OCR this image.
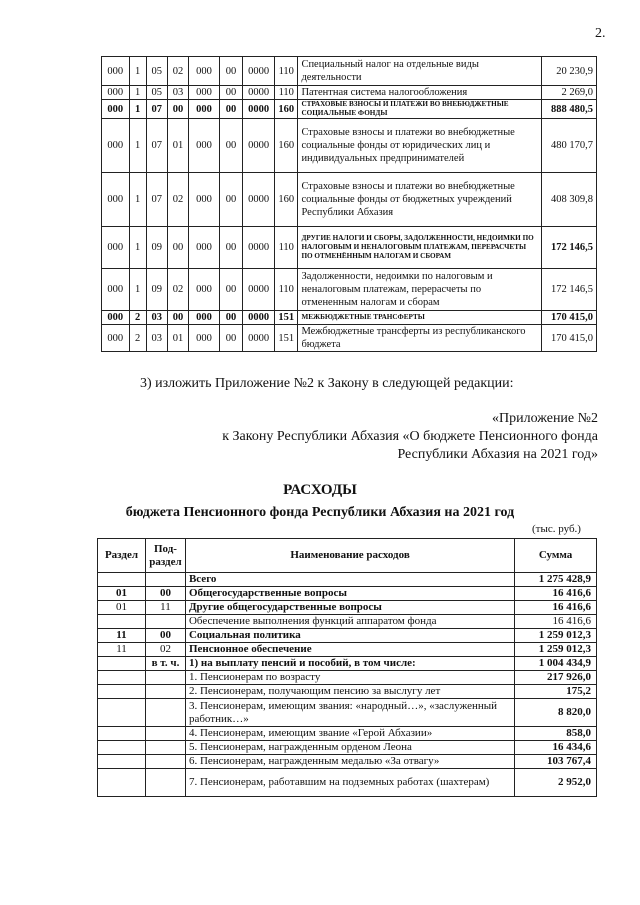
2.
000	1	05	02	000	00	0000	110	Специальный налог на отдельные виды деятельности	20 230,9
000	1	05	03	000	00	0000	110	Патентная система налогообложения	2 269,0
000	1	07	00	000	00	0000	160	СТРАХОВЫЕ ВЗНОСЫ И ПЛАТЕЖИ ВО ВНЕБЮДЖЕТНЫЕ СОЦИАЛЬНЫЕ ФОНДЫ	888 480,5
000	1	07	01	000	00	0000	160	Страховые взносы и платежи во внебюджетные социальные фонды от юридических лиц и индивидуальных предпринимателей	480 170,7
000	1	07	02	000	00	0000	160	Страховые взносы и платежи во внебюджетные социальные фонды от бюджетных учреждений Республики Абхазия	408 309,8
000	1	09	00	000	00	0000	110	ДРУГИЕ НАЛОГИ И СБОРЫ, ЗАДОЛЖЕННОСТИ, НЕДОИМКИ ПО НАЛОГОВЫМ И НЕНАЛОГОВЫМ ПЛАТЕЖАМ, ПЕРЕРАСЧЕТЫ ПО ОТМЕНЁННЫМ НАЛОГАМ И СБОРАМ	172 146,5
000	1	09	02	000	00	0000	110	Задолженности, недоимки по налоговым и неналоговым платежам, перерасчеты по отмененным налогам и сборам	172 146,5
000	2	03	00	000	00	0000	151	МЕЖБЮДЖЕТНЫЕ ТРАНСФЕРТЫ	170 415,0
000	2	03	01	000	00	0000	151	Межбюджетные трансферты из республиканского бюджета	170 415,0
3) изложить Приложение №2 к Закону в следующей редакции:
«Приложение №2
к Закону Республики Абхазия «О бюджете Пенсионного фонда
Республики Абхазия на 2021 год»
РАСХОДЫ
бюджета Пенсионного фонда Республики Абхазия на 2021 год
(тыс. руб.)
Раздел	Под-раздел	Наименование расходов	Сумма
		Всего	1 275 428,9
01	00	Общегосударственные вопросы	16 416,6
01	11	Другие общегосударственные вопросы	16 416,6
		Обеспечение выполнения функций аппаратом фонда	16 416,6
11	00	Социальная политика	1 259 012,3
11	02	Пенсионное обеспечение	1 259 012,3
	в т. ч.	1) на выплату пенсий и пособий, в том числе:	1 004 434,9
		1. Пенсионерам по возрасту	217 926,0
		2. Пенсионерам, получающим пенсию за выслугу лет	175,2
		3. Пенсионерам, имеющим звания: «народный…», «заслуженный работник…»	8 820,0
		4. Пенсионерам, имеющим звание «Герой Абхазии»	858,0
		5. Пенсионерам, награжденным орденом Леона	16 434,6
		6. Пенсионерам, награжденным медалью «За отвагу»	103 767,4
		7. Пенсионерам, работавшим на подземных работах (шахтерам)	2 952,0
